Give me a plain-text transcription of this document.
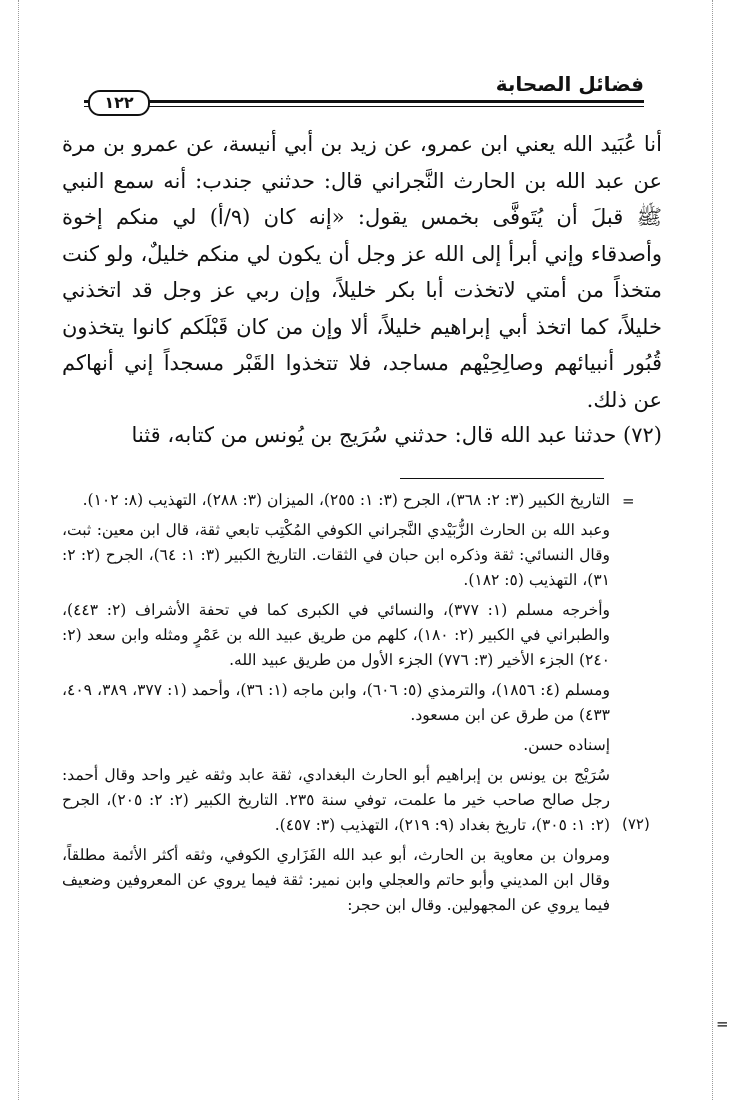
فضائل الصحابة
١٢٢
أنا عُبَيد الله يعني ابن عمرو، عن زيد بن أبي أنيسة، عن عمرو بن مرة عن عبد الله بن الحارث النَّجراني قال: حدثني جندب: أنه سمع النبي ﷺ قبلَ أن يُتَوفَّى بخمس يقول: «إنه كان (٩/أ) لي منكم إخوة وأصدقاء وإني أبرأ إلى الله عز وجل أن يكون لي منكم خليلٌ، ولو كنت متخذاً من أمتي لاتخذت أبا بكر خليلاً، وإن ربي عز وجل قد اتخذني خليلاً، كما اتخذ أبي إبراهيم خليلاً، ألا وإن من كان قَبْلَكم كانوا يتخذون قُبُور أنبيائهم وصالِحِيْهم مساجد، فلا تتخذوا القَبْر مسجداً إني أنهاكم عن ذلك.
(٧٢) حدثنا عبد الله قال: حدثني سُرَيج بن يُونس من كتابه، قثنا
=
(٧٢)
=
التاريخ الكبير (٣: ٢: ٣٦٨)، الجرح (٣: ١: ٢٥٥)، الميزان (٣: ٢٨٨)، التهذيب (٨: ١٠٢).
وعبد الله بن الحارث الزُّبَيْدي النَّجراني الكوفي المُكْتِب تابعي ثقة، قال ابن معين: ثبت، وقال النسائي: ثقة وذكره ابن حبان في الثقات. التاريخ الكبير (٣: ١: ٦٤)، الجرح (٢: ٢: ٣١)، التهذيب (٥: ١٨٢).
وأخرجه مسلم (١: ٣٧٧)، والنسائي في الكبرى كما في تحفة الأشراف (٢: ٤٤٣)، والطبراني في الكبير (٢: ١٨٠)، كلهم من طريق عبيد الله بن عَمْرٍ ومثله وابن سعد (٢: ٢٤٠) الجزء الأخير (٣: ٧٧٦) الجزء الأول من طريق عبيد الله.
ومسلم (٤: ١٨٥٦)، والترمذي (٥: ٦٠٦)، وابن ماجه (١: ٣٦)، وأحمد (١: ٣٧٧، ٣٨٩، ٤٠٩، ٤٣٣) من طرق عن ابن مسعود.
إسناده حسن.
سُرَيْج بن يونس بن إبراهيم أبو الحارث البغدادي، ثقة عابد وثقه غير واحد وقال أحمد: رجل صالح صاحب خير ما علمت، توفي سنة ٢٣٥. التاريخ الكبير (٢: ٢: ٢٠٥)، الجرح (٢: ١: ٣٠٥)، تاريخ بغداد (٩: ٢١٩)، التهذيب (٣: ٤٥٧).
ومروان بن معاوية بن الحارث، أبو عبد الله الفَزَاري الكوفي، وثقه أكثر الأئمة مطلقاً، وقال ابن المديني وأبو حاتم والعجلي وابن نمير: ثقة فيما يروي عن المعروفين وضعيف فيما يروي عن المجهولين. وقال ابن حجر:
